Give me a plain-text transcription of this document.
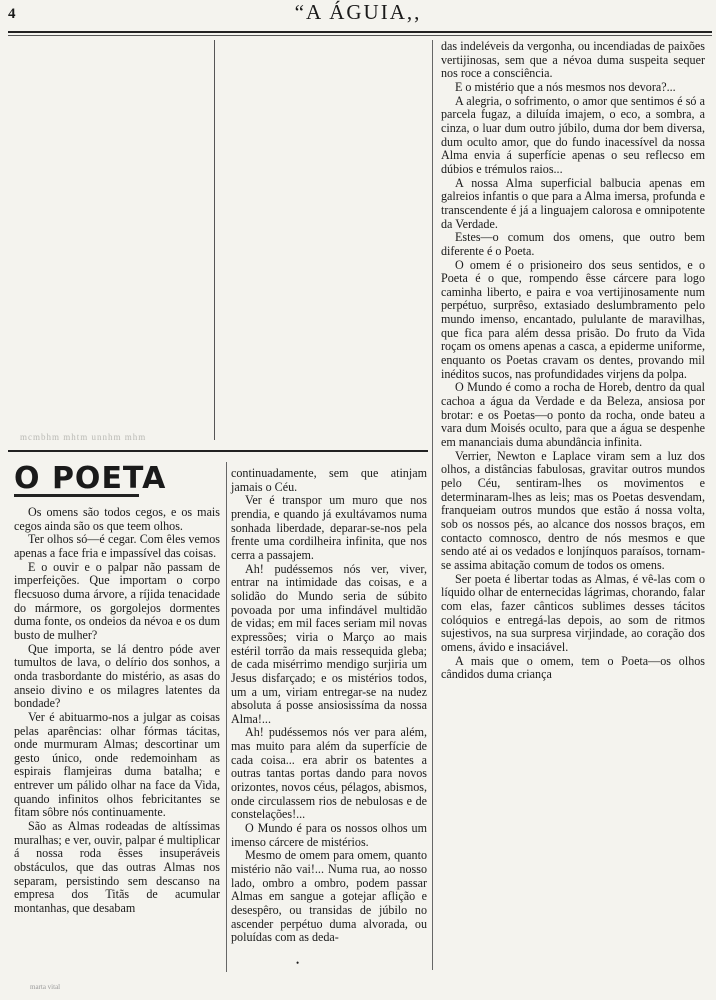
4	“A ÁGUIA,,
mcmbhm mhtm unnhm mhm
O POETA

Os omens são todos cegos, e os mais cegos ainda são os que teem olhos.

Ter olhos só—é cegar. Com êles vemos apenas a face fria e impassível das coisas.

E o ouvir e o palpar não passam de imperfeições. Que importam o corpo flecsuoso duma árvore, a ríjida tenacidade do mármore, os gorgolejos dormentes duma fonte, os ondeios da névoa e os dum busto de mulher?

Que importa, se lá dentro póde aver tumultos de lava, o delírio dos sonhos, a onda trasbordante do mistério, as asas do anseio divino e os milagres latentes da bondade?

Ver é abituarmo-nos a julgar as coisas pelas aparências: olhar fórmas tácitas, onde murmuram Almas; descortinar um gesto único, onde redemoinham as espirais flamjeiras duma batalha; e entrever um pálido olhar na face da Vida, quando infinitos olhos febricitantes se fitam sôbre nós continuamente.

São as Almas rodeadas de altíssimas muralhas; e ver, ouvir, palpar é multiplicar á nossa roda êsses insuperáveis obstáculos, que das outras Almas nos separam, persistindo sem descanso na empresa dos Titãs de acumular montanhas, que desabam

continuadamente, sem que atinjam jamais o Céu.

Ver é transpor um muro que nos prendia, e quando já exultávamos numa sonhada liberdade, deparar-se-nos pela frente uma cordilheira infinita, que nos cerra a passajem.

Ah! pudéssemos nós ver, viver, entrar na intimidade das coisas, e a solidão do Mundo seria de súbito povoada por uma infindável multidão de vidas; em mil faces seriam mil novas expressões; viria o Março ao mais estéril torrão da mais ressequida gleba; de cada misérrimo mendigo surjiria um Jesus disfarçado; e os mistérios todos, um a um, viriam entregar-se na nudez absoluta á posse ansiosissíma da nossa Alma!...

Ah! pudéssemos nós ver para além, mas muito para além da superfície de cada coisa... era abrir os batentes a outras tantas portas dando para novos orizontes, novos céus, pélagos, abismos, onde circulassem rios de nebulosas e de constelações!...

O Mundo é para os nossos olhos um imenso cárcere de mistérios.

Mesmo de omem para omem, quanto mistério não vai!... Numa rua, ao nosso lado, ombro a ombro, podem passar Almas em sangue a gotejar aflição e desespêro, ou transidas de júbilo no ascender perpétuo duma alvorada, ou poluídas com as deda-

das indeléveis da vergonha, ou incendiadas de paixões vertijinosas, sem que a névoa duma suspeita sequer nos roce a consciência.

E o mistério que a nós mesmos nos devora?...

A alegria, o sofrimento, o amor que sentimos é só a parcela fugaz, a diluída imajem, o eco, a sombra, a cinza, o luar dum outro júbilo, duma dor bem diversa, dum oculto amor, que do fundo inacessível da nossa Alma envia á superfície apenas o seu reflecso em dúbios e trémulos raios...

A nossa Alma superficial balbucia apenas em galreios infantis o que para a Alma imersa, profunda e transcendente é já a linguajem calorosa e omnipotente da Verdade.

Estes—o comum dos omens, que outro bem diferente é o Poeta.

O omem é o prisioneiro dos seus sentidos, e o Poeta é o que, rompendo êsse cárcere para logo caminha liberto, e paira e voa vertijinosamente num perpétuo, surprêso, extasiado deslumbramento pelo mundo imenso, encantado, pululante de maravilhas, que fica para além dessa prisão. Do fruto da Vida roçam os omens apenas a casca, a epiderme uniforme, enquanto os Poetas cravam os dentes, provando mil inéditos sucos, nas profundidades virjens da polpa.

O Mundo é como a rocha de Horeb, dentro da qual cachoa a água da Verdade e da Beleza, ansiosa por brotar: e os Poetas—o ponto da rocha, onde bateu a vara dum Moisés oculto, para que a água se despenhe em mananciais duma abundância infinita.

Verrier, Newton e Laplace viram sem a luz dos olhos, a distâncias fabulosas, gravitar outros mundos pelo Céu, sentiram-lhes os movimentos e determinaram-lhes as leis; mas os Poetas desvendam, franqueiam outros mundos que estão á nossa volta, sob os nossos pés, ao alcance dos nossos braços, em contacto comnosco, dentro de nós mesmos e que sendo até ai os vedados e lonjínquos paraísos, tornam-se assima abitação comum de todos os omens.

Ser poeta é libertar todas as Almas, é vê-las com o líquido olhar de enternecidas lágrimas, chorando, falar com elas, fazer cânticos sublimes desses tácitos colóquios e entregá-las depois, ao som de ritmos sujestivos, na sua surpresa virjindade, ao coração dos omens, ávido e insaciável.

A mais que o omem, tem o Poeta—os olhos cândidos duma criança

•
marta vital
